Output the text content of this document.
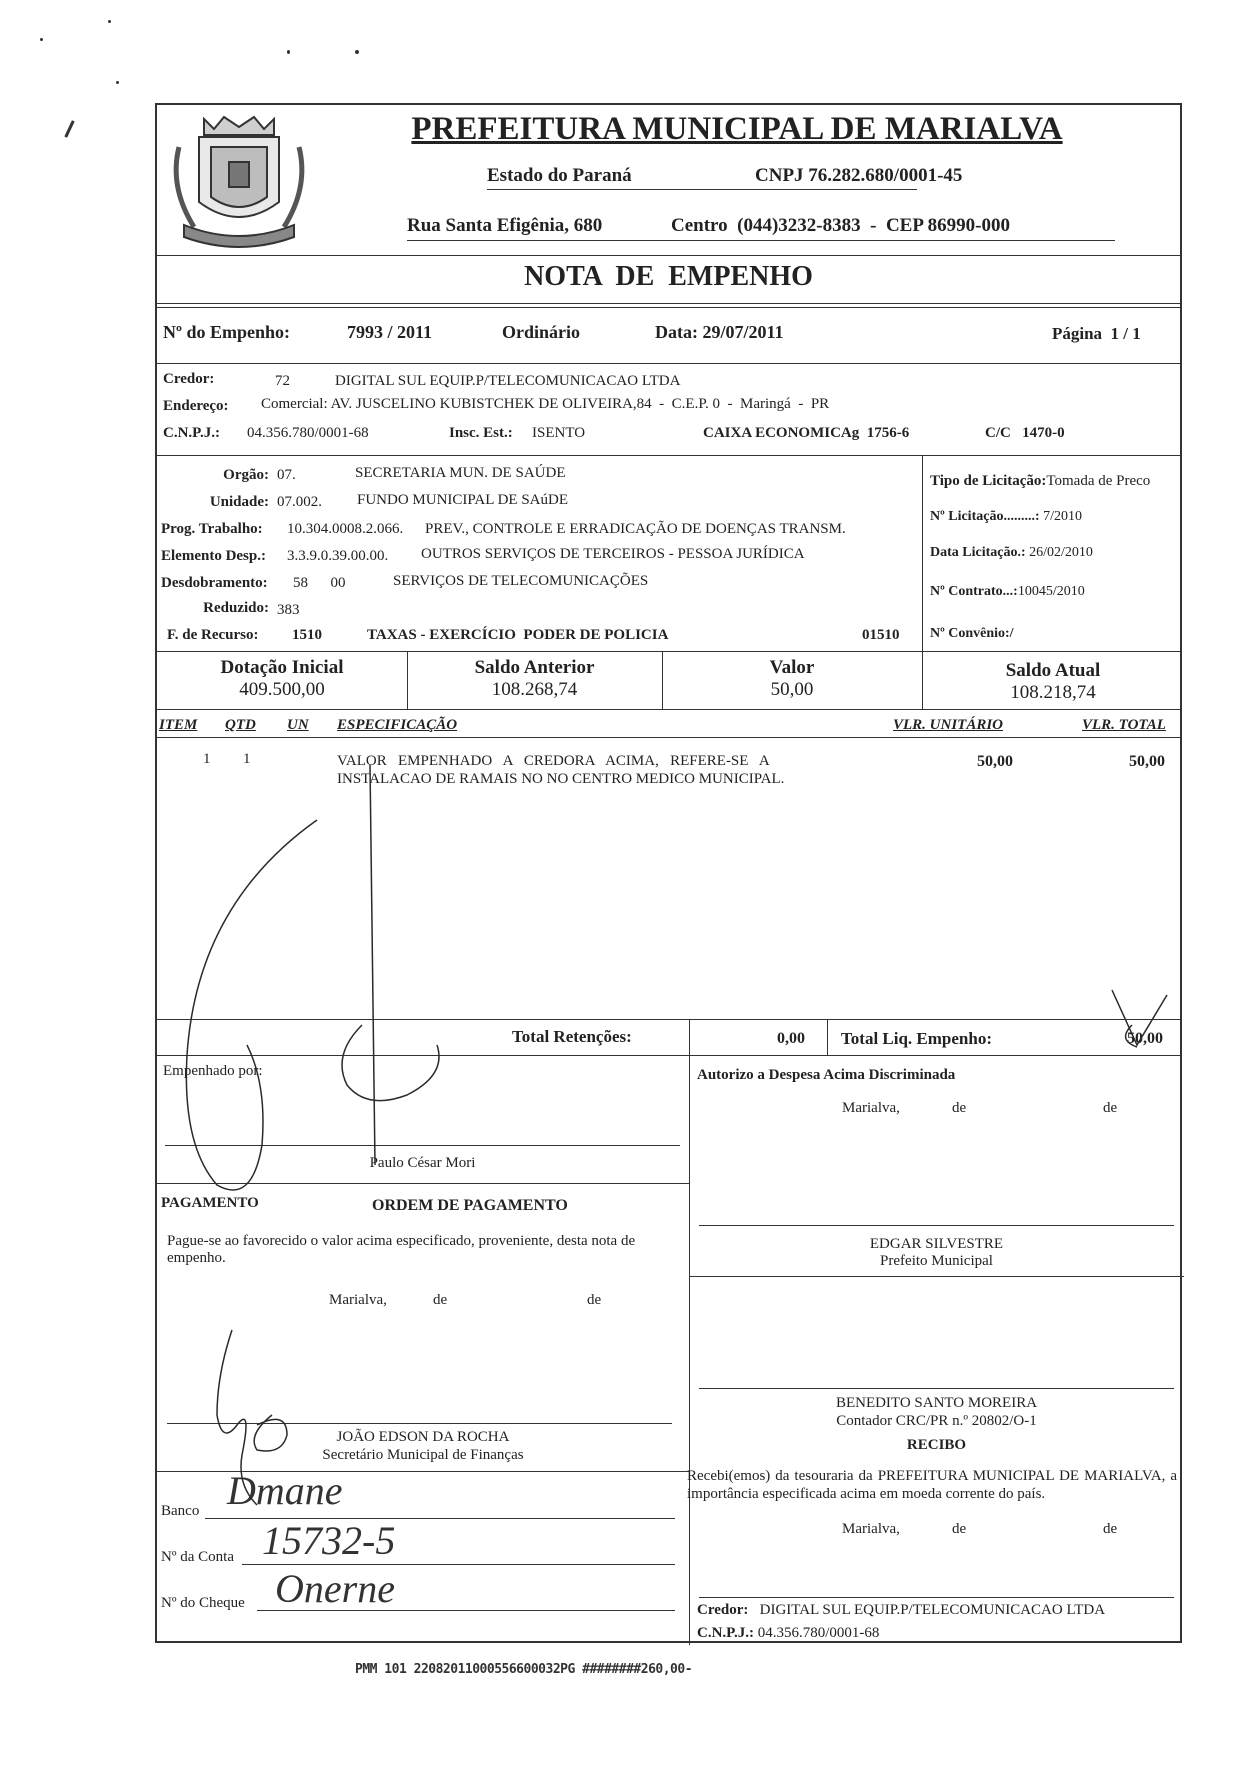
PREFEITURA MUNICIPAL DE MARIALVA
Estado do Paraná	CNPJ 76.282.680/0001-45
Rua Santa Efigênia, 680	Centro  (044)3232-8383  -  CEP 86990-000
NOTA  DE  EMPENHO
Nº do Empenho:	7993 / 2011	Ordinário	Data: 29/07/2011	Página  1 / 1
Credor:	72	DIGITAL SUL EQUIP.P/TELECOMUNICACAO LTDA
Endereço: Comercial: AV. JUSCELINO KUBISTCHEK DE OLIVEIRA,84  -  C.E.P. 0  -  Maringá  -  PR
C.N.P.J.: 04.356.780/0001-68	Insc. Est.: ISENTO	CAIXA ECONOMICAg  1756-6	C/C   1470-0
Orgão: 07.	SECRETARIA MUN. DE SAÚDE
Unidade: 07.002. FUNDO MUNICIPAL DE SAúDE
Prog. Trabalho: 10.304.0008.2.066. PREV., CONTROLE E ERRADICAÇÃO DE DOENÇAS TRANSM.
Elemento Desp.: 3.3.9.0.39.00.00. OUTROS SERVIÇOS DE TERCEIROS - PESSOA JURÍDICA
Desdobramento: 58      00	SERVIÇOS DE TELECOMUNICAÇÕES
Reduzido: 383
F. de Recurso: 1510	TAXAS - EXERCÍCIO  PODER DE POLICIA	01510
Tipo de Licitação:Tomada de Preco
Nº Licitação.........: 7/2010
Data Licitação.: 26/02/2010
Nº Contrato...:10045/2010
Nº Convênio:/
Dotação Inicial
409.500,00
Saldo Anterior
108.268,74
Valor
50,00
Saldo Atual
108.218,74
ITEM QTD UN ESPECIFICAÇÃO	VLR. UNITÁRIO	VLR. TOTAL
1 1	VALOR   EMPENHADO   A   CREDORA   ACIMA,   REFERE-SE   A
INSTALACAO DE RAMAIS NO NO CENTRO MEDICO MUNICIPAL.
50,00	50,00
Total Retenções:	0,00 Total Liq. Empenho:	50,00
Empenhado por:
Paulo César Mori
Autorizo a Despesa Acima Discriminada
Marialva,	de	de
EDGAR SILVESTRE
Prefeito Municipal
PAGAMENTO	ORDEM DE PAGAMENTO
Pague-se ao favorecido o valor acima especificado, proveniente, desta nota de empenho.
Marialva,	de	de
JOÃO EDSON DA ROCHA
Secretário Municipal de Finanças
BENEDITO SANTO MOREIRA
Contador CRC/PR n.º 20802/O-1
RECIBO
Recebi(emos) da tesouraria da PREFEITURA MUNICIPAL DE MARIALVA, a importância especificada acima em moeda corrente do país.
Marialva,	de	de
Credor: DIGITAL SUL EQUIP.P/TELECOMUNICACAO LTDA
C.N.P.J.: 04.356.780/0001-68
Banco Dmane
Nº da Conta 15732-5
Nº do Cheque Onerne
PMM 101 22082011000556600032PG ########260,00-
